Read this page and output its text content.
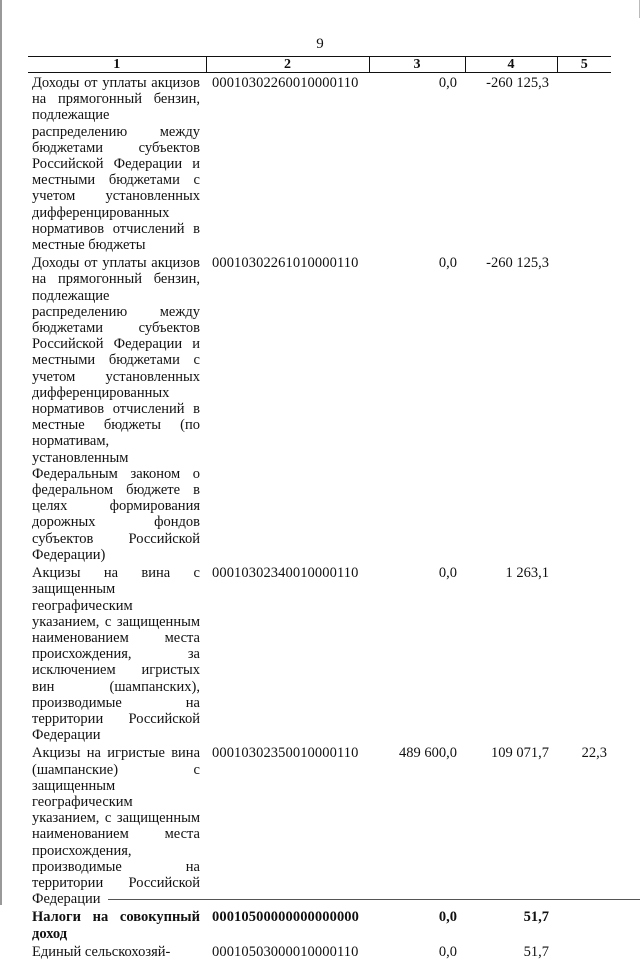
9
1	2	3	4	5
Доходы от уплаты акцизов на прямогонный бензин, подлежащие распределению между бюджетами субъектов Российской Федерации и местными бюджетами с учетом установленных дифференцированных нормативов отчислений в местные бюджеты	00010302260010000110	0,0	-260 125,3	
Доходы от уплаты акцизов на прямогонный бензин, подлежащие распределению между бюджетами субъектов Российской Федерации и местными бюджетами с учетом установленных дифференцированных нормативов отчислений в местные бюджеты (по нормативам, установленным Федеральным законом о федеральном бюджете в целях формирования дорожных фондов субъектов Российской Федерации)	00010302261010000110	0,0	-260 125,3	
Акцизы на вина с защищенным географическим указанием, с защищенным наименованием места происхождения, за исключением игристых вин (шампанских), производимые на территории Российской Федерации	00010302340010000110	0,0	1 263,1	
Акцизы на игристые вина (шампанские) с защищенным географическим указанием, с защищенным наименованием места происхождения, производимые на территории Российской Федерации	00010302350010000110	489 600,0	109 071,7	22,3
Налоги на совокупный доход	00010500000000000000	0,0	51,7	
Единый сельскохозяй-	00010503000010000110	0,0	51,7	
